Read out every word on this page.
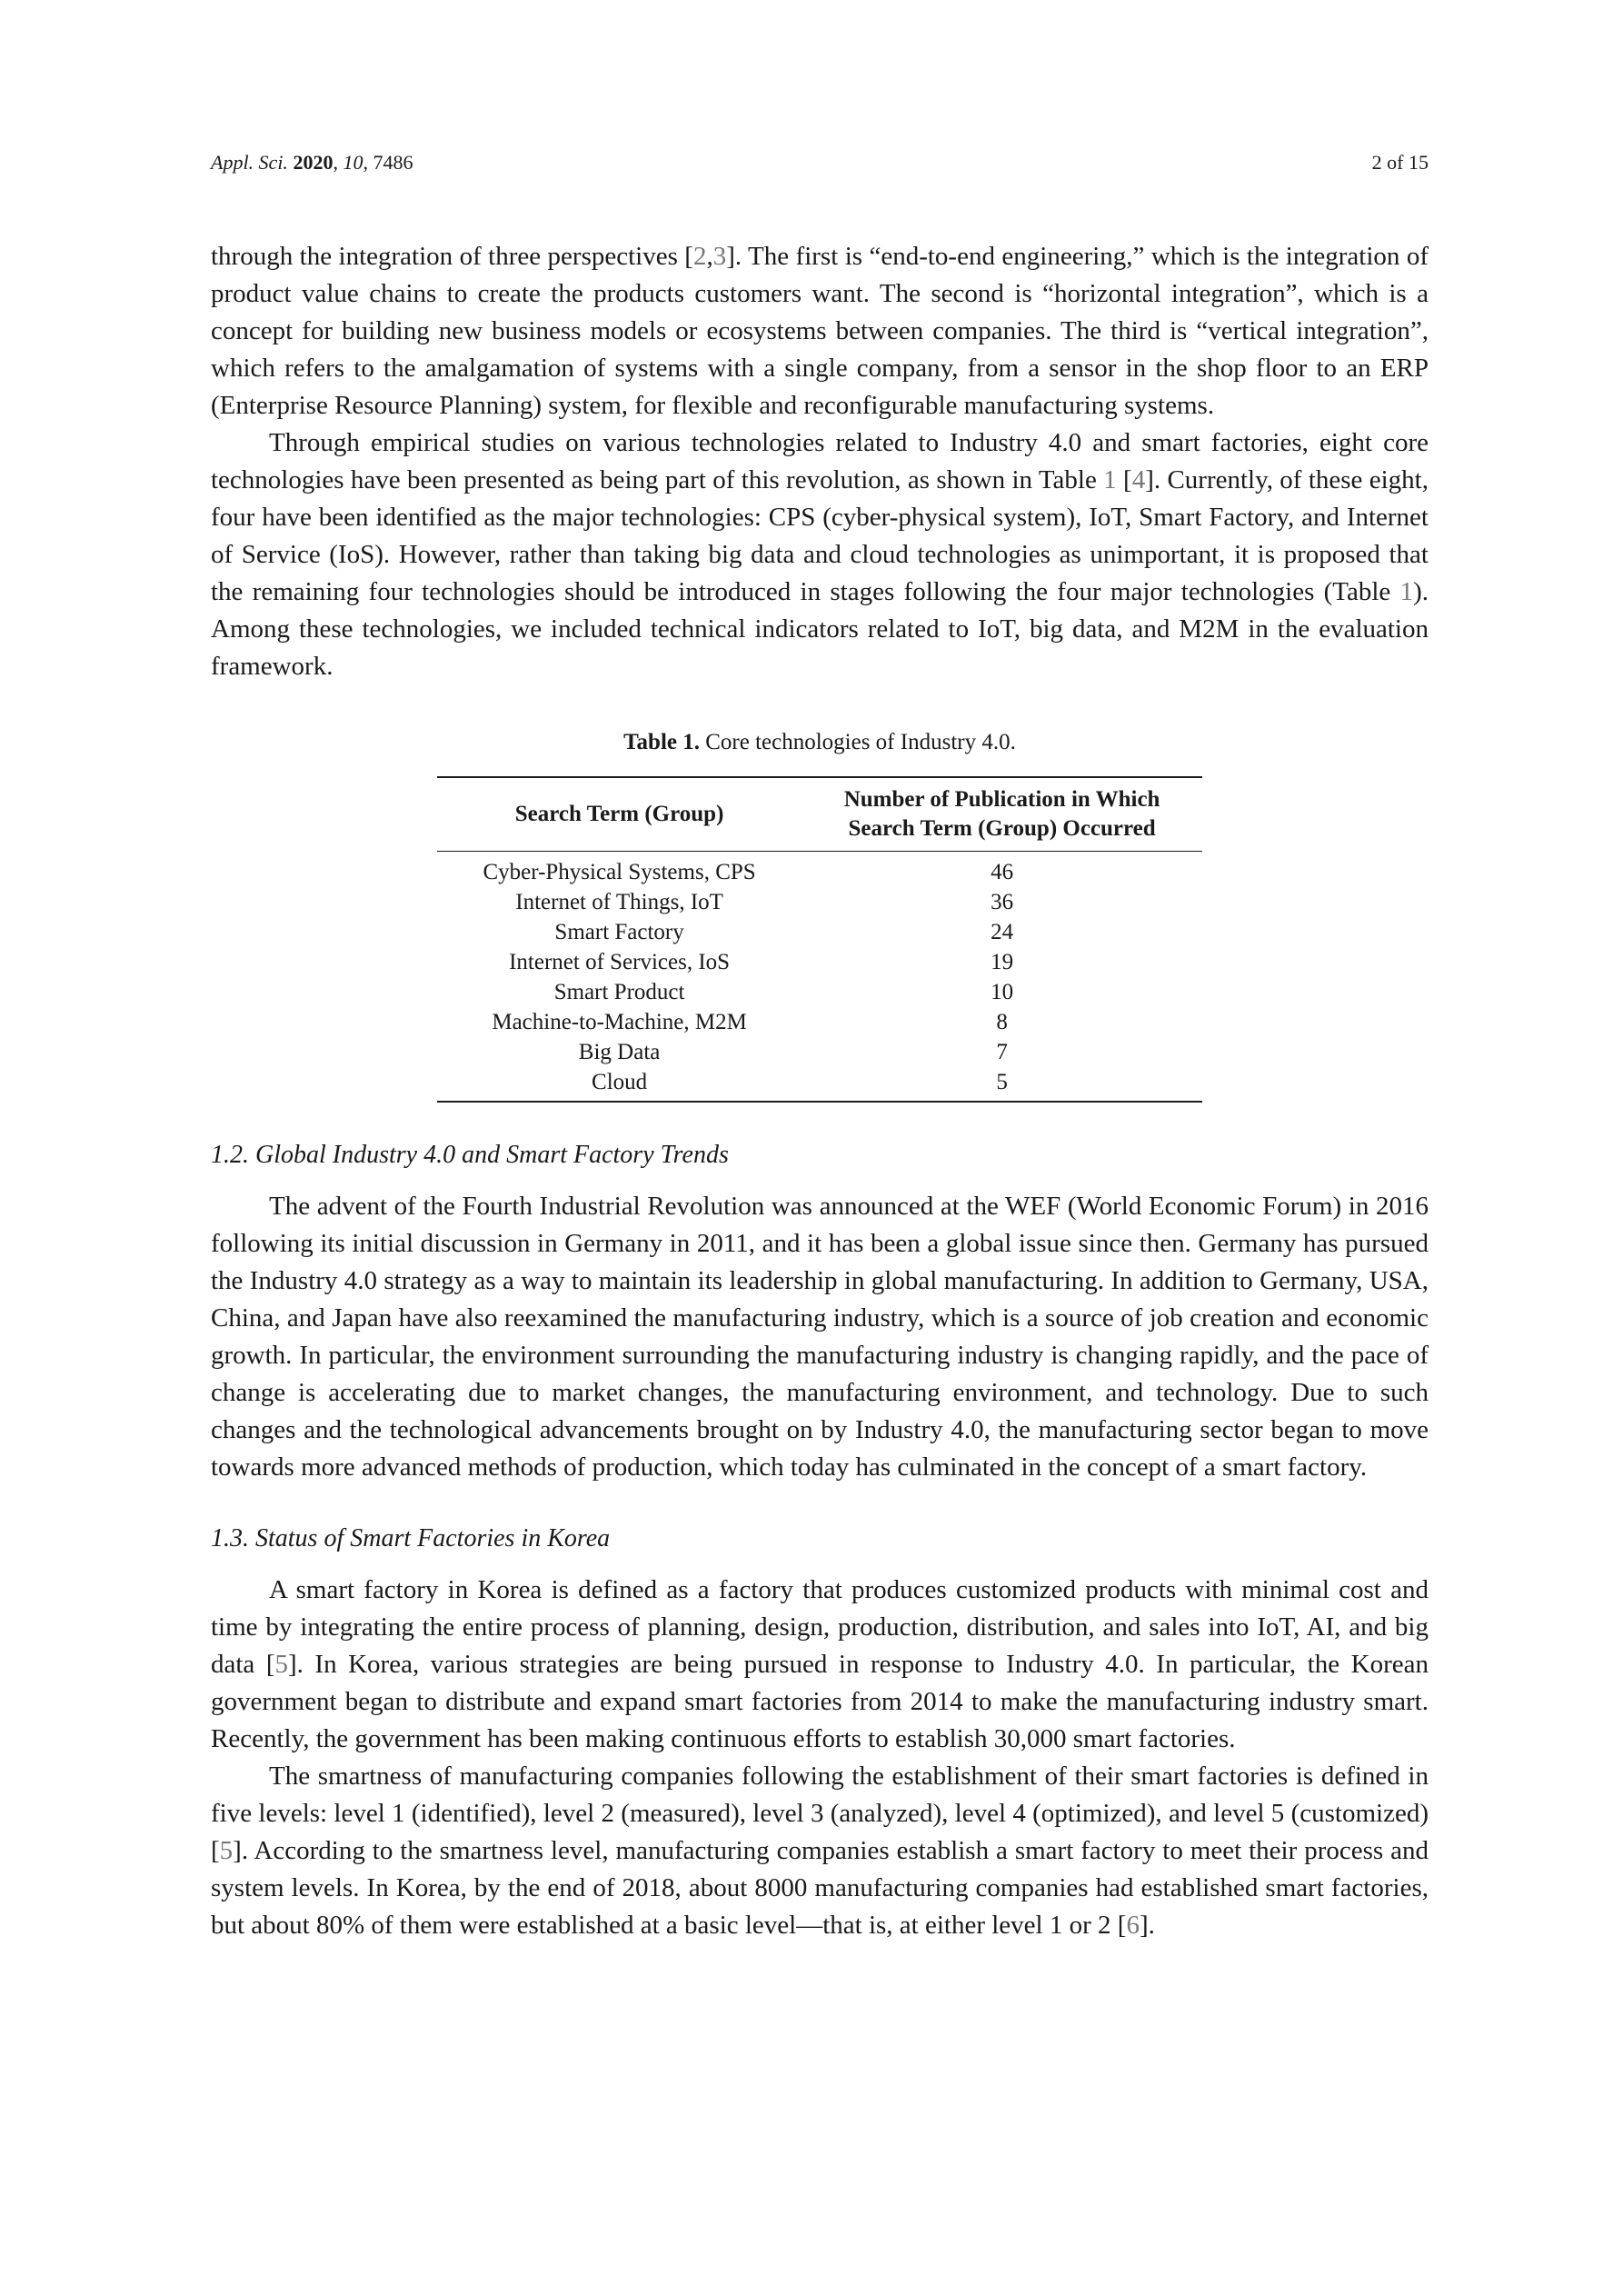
Appl. Sci. 2020, 10, 7486	2 of 15

through the integration of three perspectives [2,3]. The first is “end-to-end engineering,” which is the integration of product value chains to create the products customers want. The second is “horizontal integration”, which is a concept for building new business models or ecosystems between companies. The third is “vertical integration”, which refers to the amalgamation of systems with a single company, from a sensor in the shop floor to an ERP (Enterprise Resource Planning) system, for flexible and reconfigurable manufacturing systems.

Through empirical studies on various technologies related to Industry 4.0 and smart factories, eight core technologies have been presented as being part of this revolution, as shown in Table 1 [4]. Currently, of these eight, four have been identified as the major technologies: CPS (cyber-physical system), IoT, Smart Factory, and Internet of Service (IoS). However, rather than taking big data and cloud technologies as unimportant, it is proposed that the remaining four technologies should be introduced in stages following the four major technologies (Table 1). Among these technologies, we included technical indicators related to IoT, big data, and M2M in the evaluation framework.

Table 1. Core technologies of Industry 4.0.
Search Term (Group)	Number of Publication in Which
Search Term (Group) Occurred
Cyber-Physical Systems, CPS	46
Internet of Things, IoT	36
Smart Factory	24
Internet of Services, IoS	19
Smart Product	10
Machine-to-Machine, M2M	8
Big Data	7
Cloud	5
1.2. Global Industry 4.0 and Smart Factory Trends

The advent of the Fourth Industrial Revolution was announced at the WEF (World Economic Forum) in 2016 following its initial discussion in Germany in 2011, and it has been a global issue since then. Germany has pursued the Industry 4.0 strategy as a way to maintain its leadership in global manufacturing. In addition to Germany, USA, China, and Japan have also reexamined the manufacturing industry, which is a source of job creation and economic growth. In particular, the environment surrounding the manufacturing industry is changing rapidly, and the pace of change is accelerating due to market changes, the manufacturing environment, and technology. Due to such changes and the technological advancements brought on by Industry 4.0, the manufacturing sector began to move towards more advanced methods of production, which today has culminated in the concept of a smart factory.

1.3. Status of Smart Factories in Korea

A smart factory in Korea is defined as a factory that produces customized products with minimal cost and time by integrating the entire process of planning, design, production, distribution, and sales into IoT, AI, and big data [5]. In Korea, various strategies are being pursued in response to Industry 4.0. In particular, the Korean government began to distribute and expand smart factories from 2014 to make the manufacturing industry smart. Recently, the government has been making continuous efforts to establish 30,000 smart factories.

The smartness of manufacturing companies following the establishment of their smart factories is defined in five levels: level 1 (identified), level 2 (measured), level 3 (analyzed), level 4 (optimized), and level 5 (customized) [5]. According to the smartness level, manufacturing companies establish a smart factory to meet their process and system levels. In Korea, by the end of 2018, about 8000 manufacturing companies had established smart factories, but about 80% of them were established at a basic level—that is, at either level 1 or 2 [6].
